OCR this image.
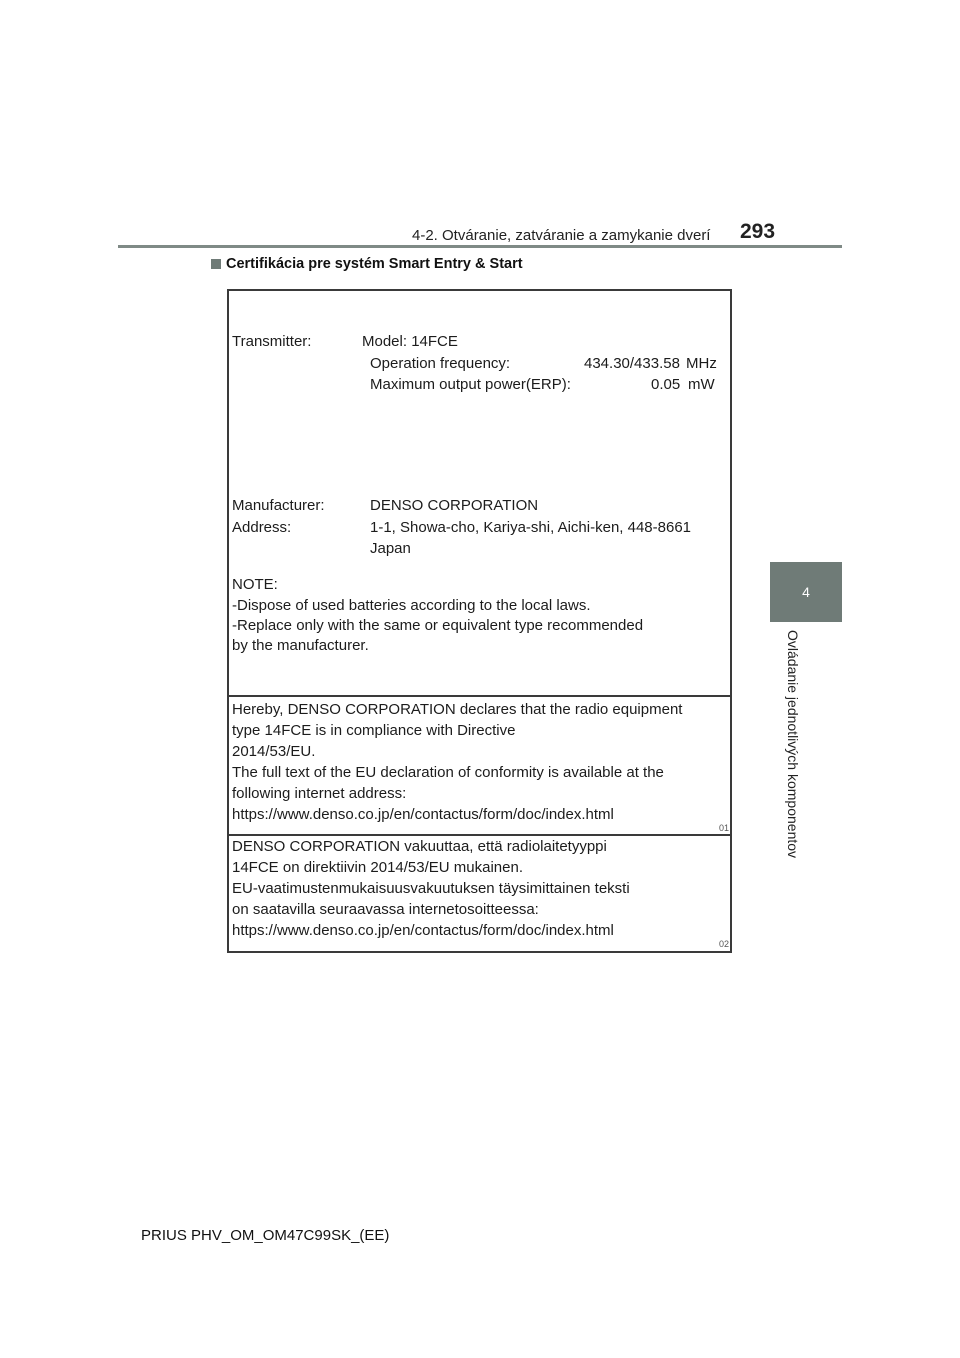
4-2. Otváranie, zatváranie a zamykanie dverí 293
4
Ovládanie jednotlivých komponentov
Certifikácia pre systém Smart Entry & Start
Transmitter:	Model: 14FCE
Operation frequency:	434.30/433.58 MHz
Maximum output power(ERP):	0.05 mW
Manufacturer:	DENSO CORPORATION
Address:	1-1, Showa-cho, Kariya-shi, Aichi-ken, 448-8661
Japan
NOTE:
-Dispose of used batteries according to the local laws.
-Replace only with the same or equivalent type recommended
by the manufacturer.
Hereby, DENSO CORPORATION declares that the radio equipment
type 14FCE is in compliance with Directive
2014/53/EU.
The full text of the EU declaration of conformity is available at the
following internet address:
https://www.denso.co.jp/en/contactus/form/doc/index.html
01
DENSO CORPORATION vakuuttaa, että radiolaitetyyppi
14FCE on direktiivin 2014/53/EU mukainen.
EU-vaatimustenmukaisuusvakuutuksen täysimittainen teksti
on saatavilla seuraavassa internetosoitteessa:
https://www.denso.co.jp/en/contactus/form/doc/index.html
02
PRIUS PHV_OM_OM47C99SK_(EE)
